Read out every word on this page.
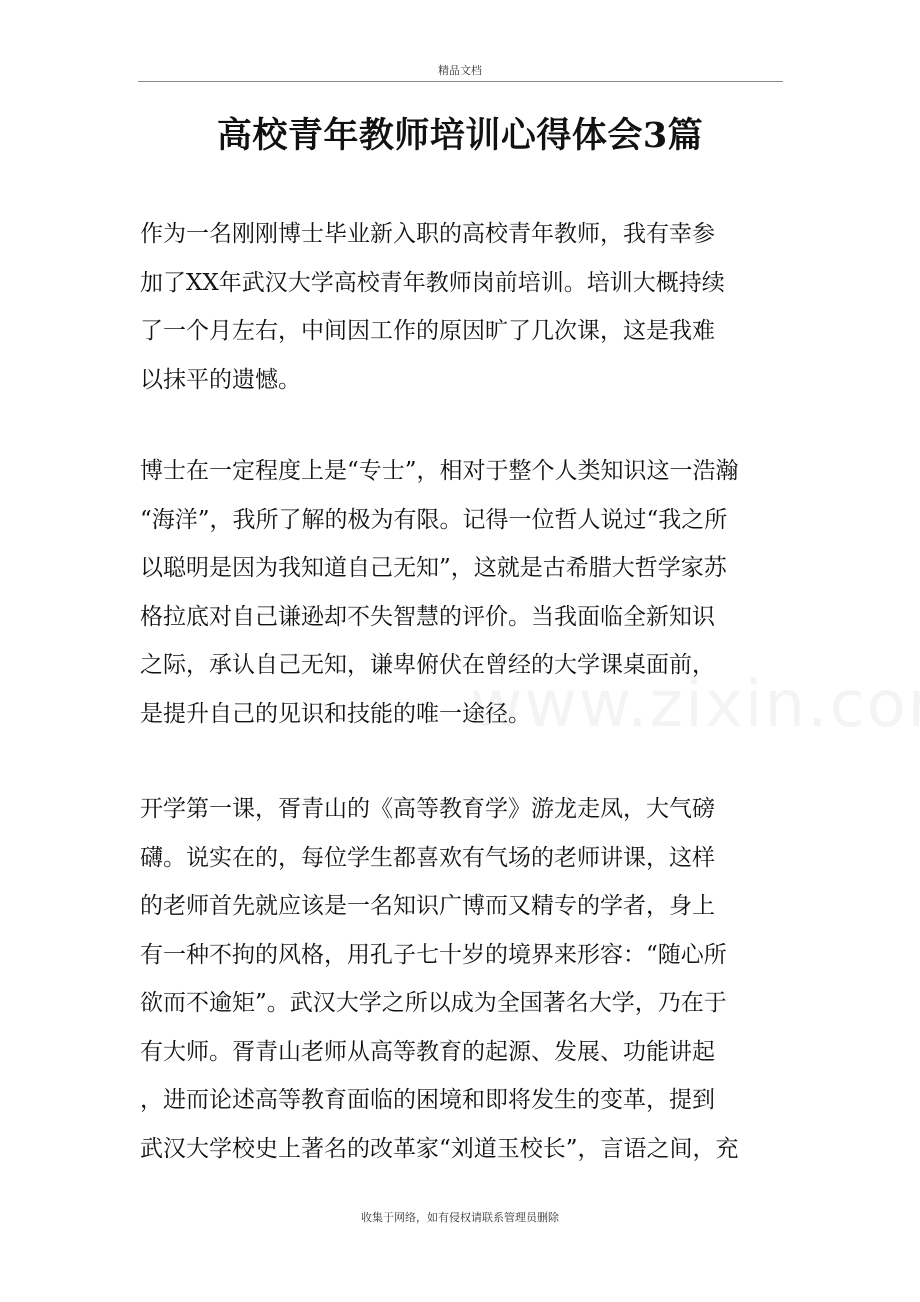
精品文档
高校青年教师培训心得体会3篇
作为一名刚刚博士毕业新入职的高校青年教师，我有幸参
加了XX年武汉大学高校青年教师岗前培训。培训大概持续
了一个月左右，中间因工作的原因旷了几次课，这是我难
以抹平的遗憾。
博士在一定程度上是“专士”，相对于整个人类知识这一浩瀚
“海洋”，我所了解的极为有限。记得一位哲人说过“我之所
以聪明是因为我知道自己无知”，这就是古希腊大哲学家苏
格拉底对自己谦逊却不失智慧的评价。当我面临全新知识
之际，承认自己无知，谦卑俯伏在曾经的大学课桌面前，
是提升自己的见识和技能的唯一途径。
开学第一课，胥青山的《高等教育学》游龙走凤，大气磅
礴。说实在的，每位学生都喜欢有气场的老师讲课，这样
的老师首先就应该是一名知识广博而又精专的学者，身上
有一种不拘的风格，用孔子七十岁的境界来形容：“随心所
欲而不逾矩”。武汉大学之所以成为全国著名大学，乃在于
有大师。胥青山老师从高等教育的起源、发展、功能讲起
，进而论述高等教育面临的困境和即将发生的变革，提到
武汉大学校史上著名的改革家“刘道玉校长”，言语之间，充
收集于网络，如有侵权请联系管理员删除
